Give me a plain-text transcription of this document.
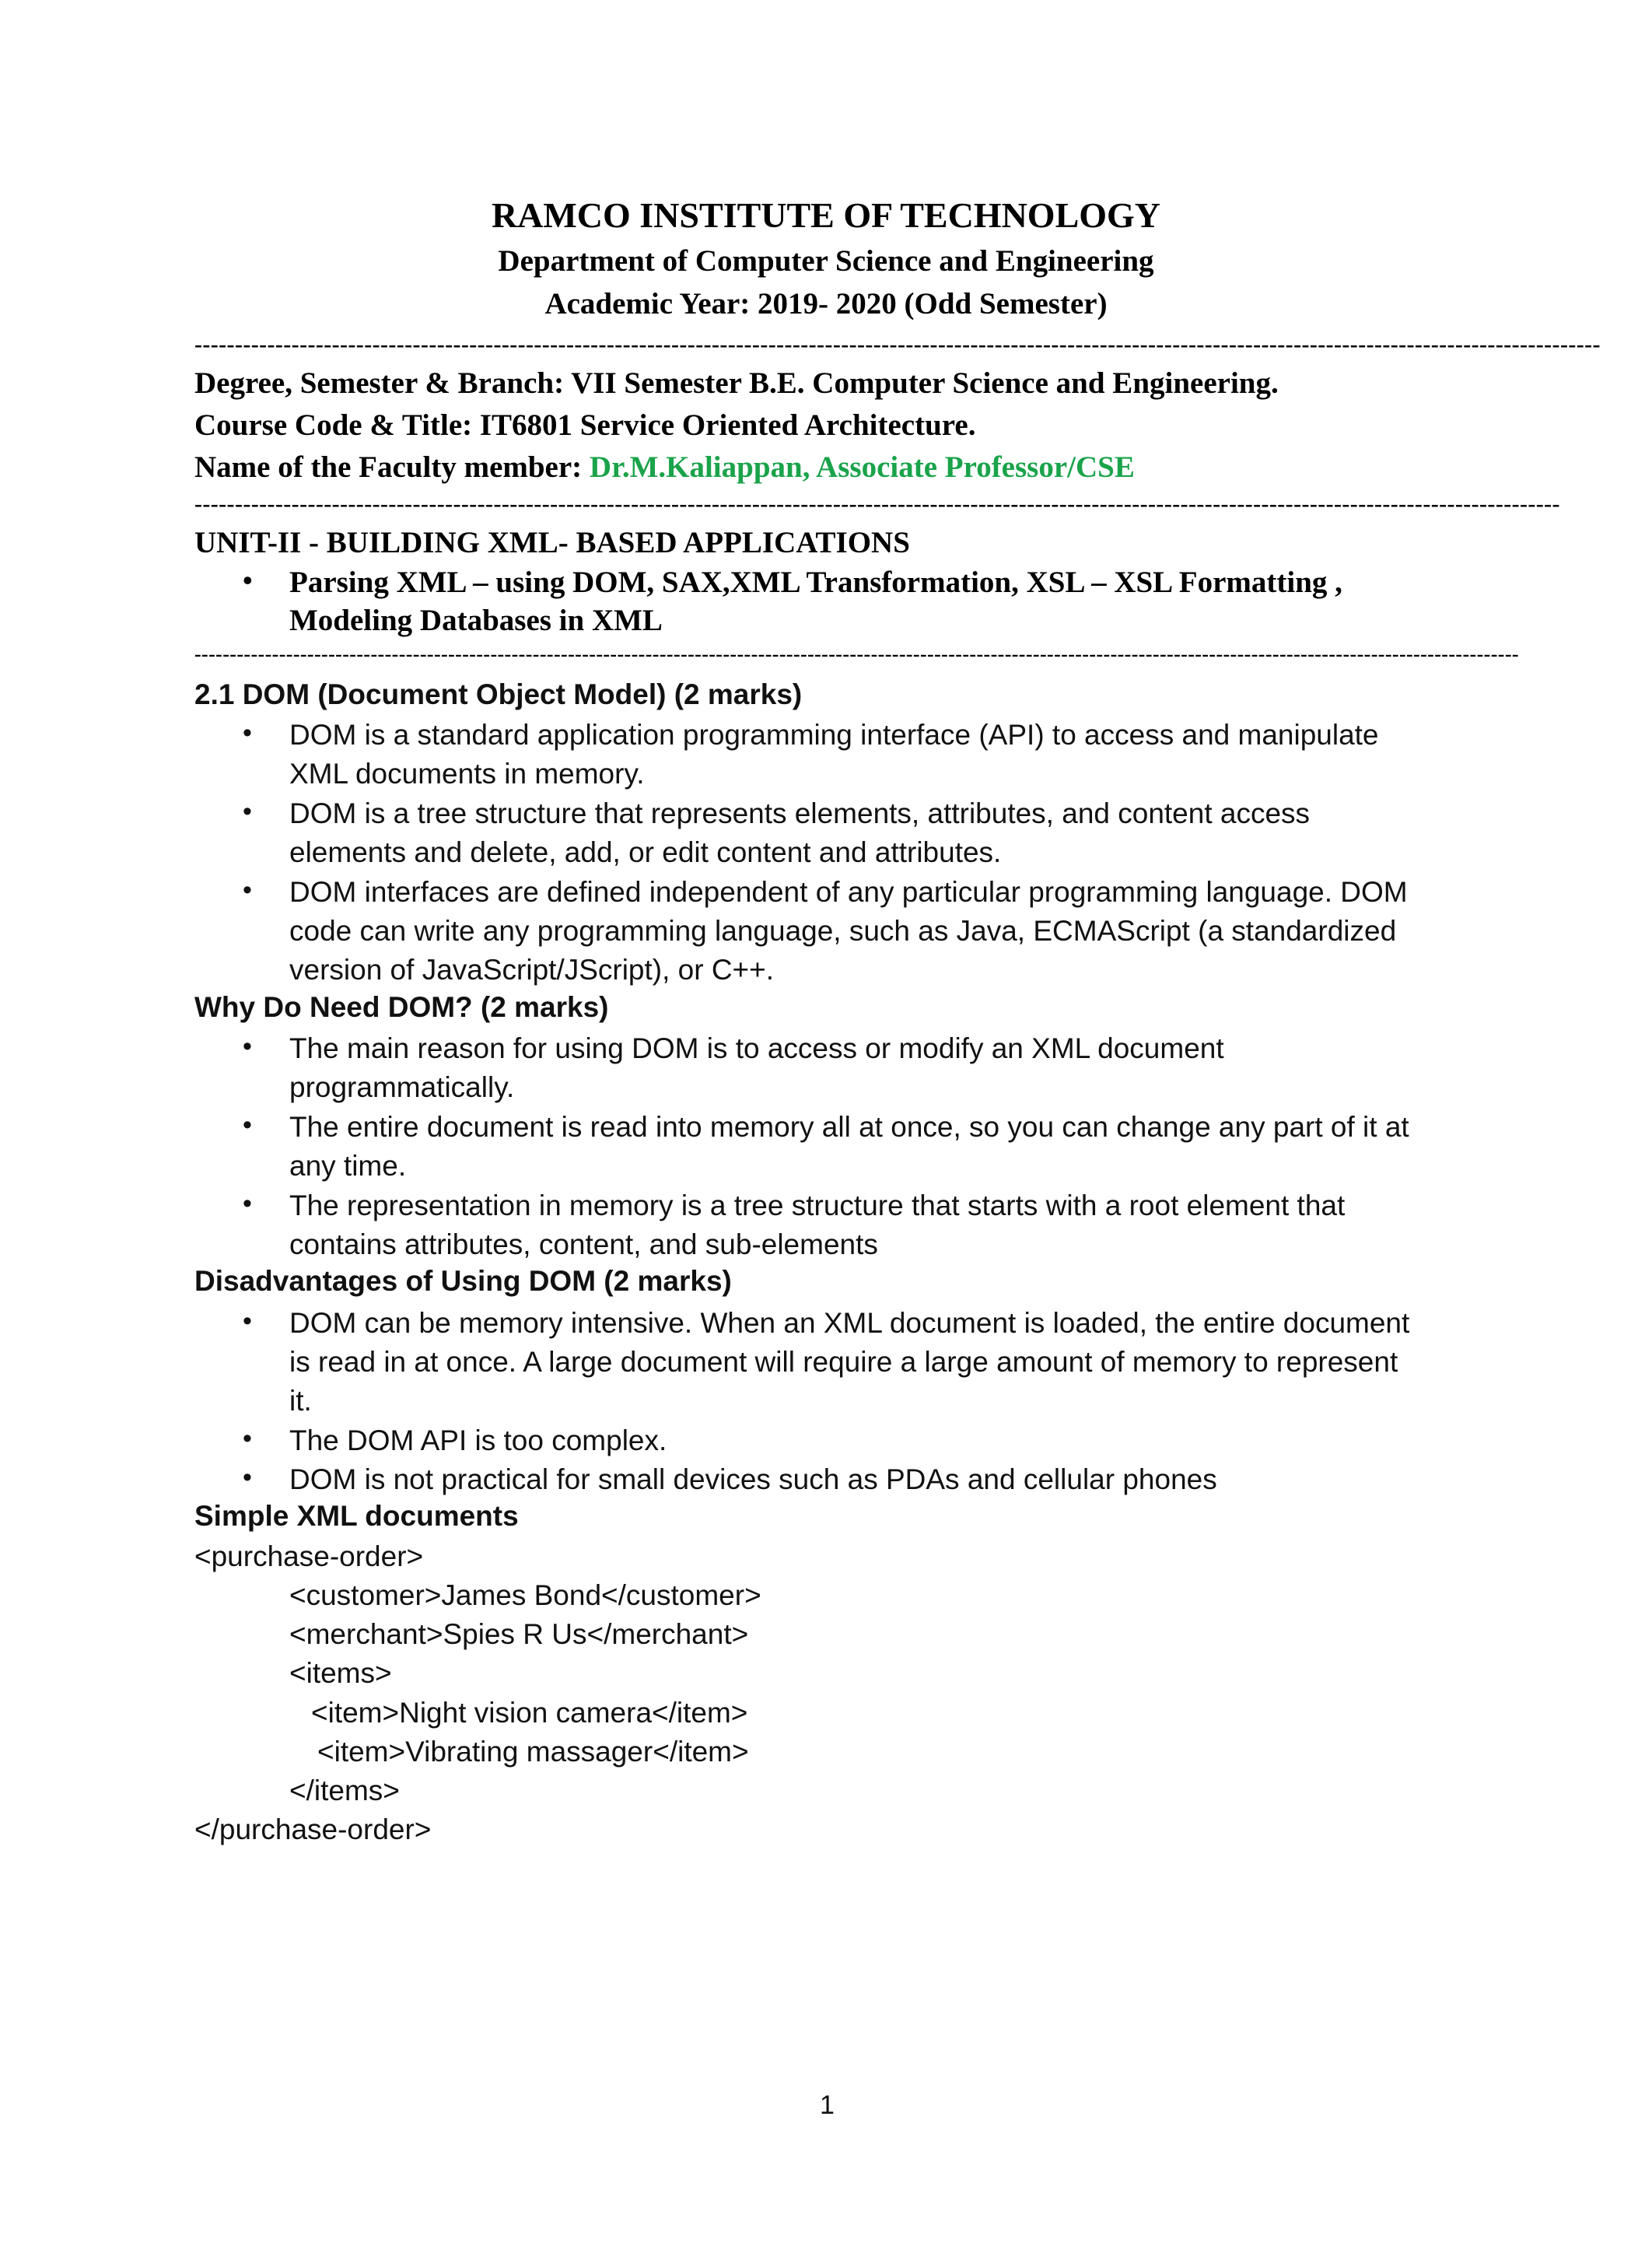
RAMCO INSTITUTE OF TECHNOLOGY
Department of Computer Science and Engineering
Academic Year: 2019- 2020 (Odd Semester)
------------------------------------------------------------------------------------------------------------------------------------------------------------------------------
Degree, Semester & Branch: VII Semester B.E. Computer Science and Engineering.
Course Code & Title: IT6801 Service Oriented Architecture.
Name of the Faculty member: Dr.M.Kaliappan, Associate Professor/CSE
-------------------------------------------------------------------------------------------------------------------------------------------------------------------------
UNIT-II - BUILDING XML- BASED APPLICATIONS
• Parsing XML – using DOM, SAX,XML Transformation, XSL – XSL Formatting ,
Modeling Databases in XML
--------------------------------------------------------------------------------------------------------------------------------------------------------------------------------------------
2.1 DOM (Document Object Model) (2 marks)
• DOM is a standard application programming interface (API) to access and manipulate
XML documents in memory.
• DOM is a tree structure that represents elements, attributes, and content access
elements and delete, add, or edit content and attributes.
• DOM interfaces are defined independent of any particular programming language. DOM
code can write any programming language, such as Java, ECMAScript (a standardized
version of JavaScript/JScript), or C++.
Why Do Need DOM? (2 marks)
• The main reason for using DOM is to access or modify an XML document
programmatically.
• The entire document is read into memory all at once, so you can change any part of it at
any time.
• The representation in memory is a tree structure that starts with a root element that
contains attributes, content, and sub-elements
Disadvantages of Using DOM (2 marks)
• DOM can be memory intensive. When an XML document is loaded, the entire document
is read in at once. A large document will require a large amount of memory to represent
it.
• The DOM API is too complex.
• DOM is not practical for small devices such as PDAs and cellular phones
Simple XML documents
<purchase-order>
<customer>James Bond</customer>
<merchant>Spies R Us</merchant>
<items>
<item>Night vision camera</item>
<item>Vibrating massager</item>
</items>
</purchase-order>
1
